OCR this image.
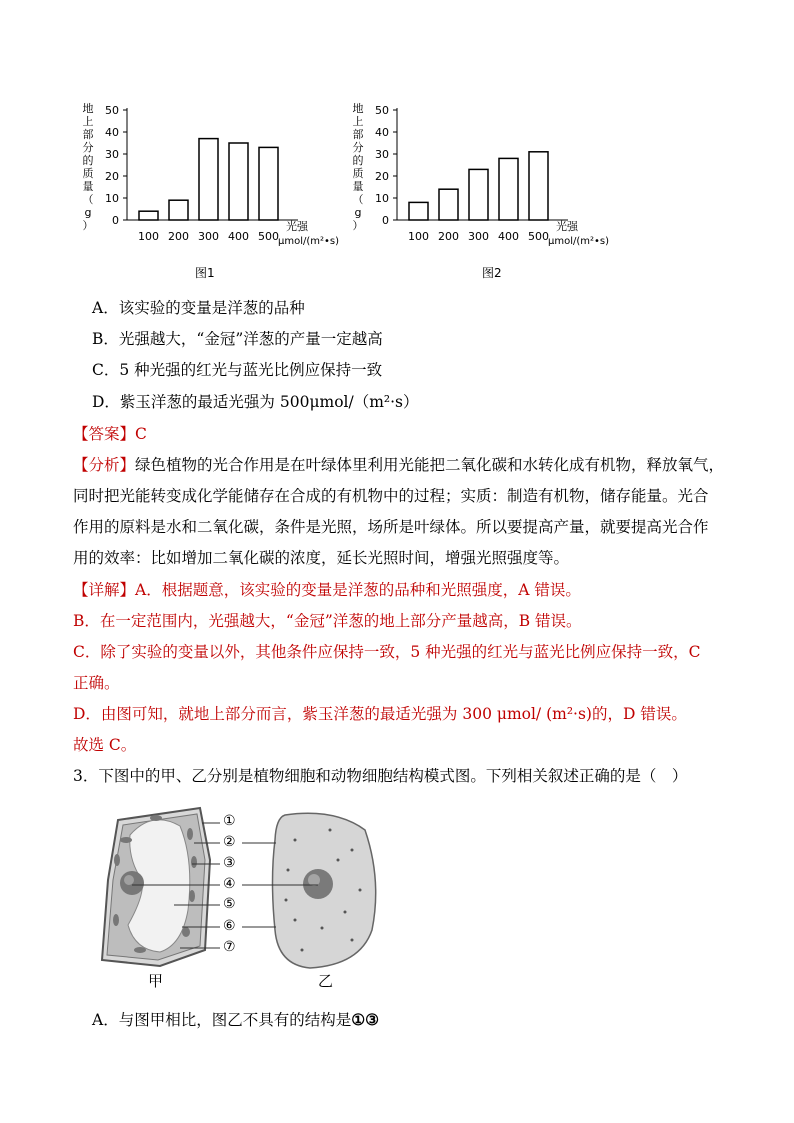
0
10
20
30
40
50
地
上
部
分
的
质
量
（
g
）
100 200 300 400 500
光强
μmol/(m²•s)
图1
0
10
20
30
40
50
地
上
部
分
的
质
量
（
g
）
100 200 300 400 500
光强
μmol/(m²•s)
图2
A．该实验的变量是洋葱的品种
B．光强越大，“金冠”洋葱的产量一定越高
C．5 种光强的红光与蓝光比例应保持一致
D．紫玉洋葱的最适光强为 500μmol/（m²·s）
【答案】C
【分析】绿色植物的光合作用是在叶绿体里利用光能把二氧化碳和水转化成有机物，释放氧气，
同时把光能转变成化学能储存在合成的有机物中的过程；实质：制造有机物，储存能量。光合
作用的原料是水和二氧化碳，条件是光照，场所是叶绿体。所以要提高产量，就要提高光合作
用的效率：比如增加二氧化碳的浓度，延长光照时间，增强光照强度等。
【详解】A．根据题意，该实验的变量是洋葱的品种和光照强度，A 错误。
B．在一定范围内，光强越大，“金冠”洋葱的地上部分产量越高，B 错误。
C．除了实验的变量以外，其他条件应保持一致，5 种光强的红光与蓝光比例应保持一致，C
正确。
D．由图可知，就地上部分而言，紫玉洋葱的最适光强为 300 μmol/ (m²·s)的，D 错误。
故选 C。
3．下图中的甲、乙分别是植物细胞和动物细胞结构模式图。下列相关叙述正确的是（　）
①
②
③
④
⑤
⑥
⑦
甲	乙
A．与图甲相比，图乙不具有的结构是①③
